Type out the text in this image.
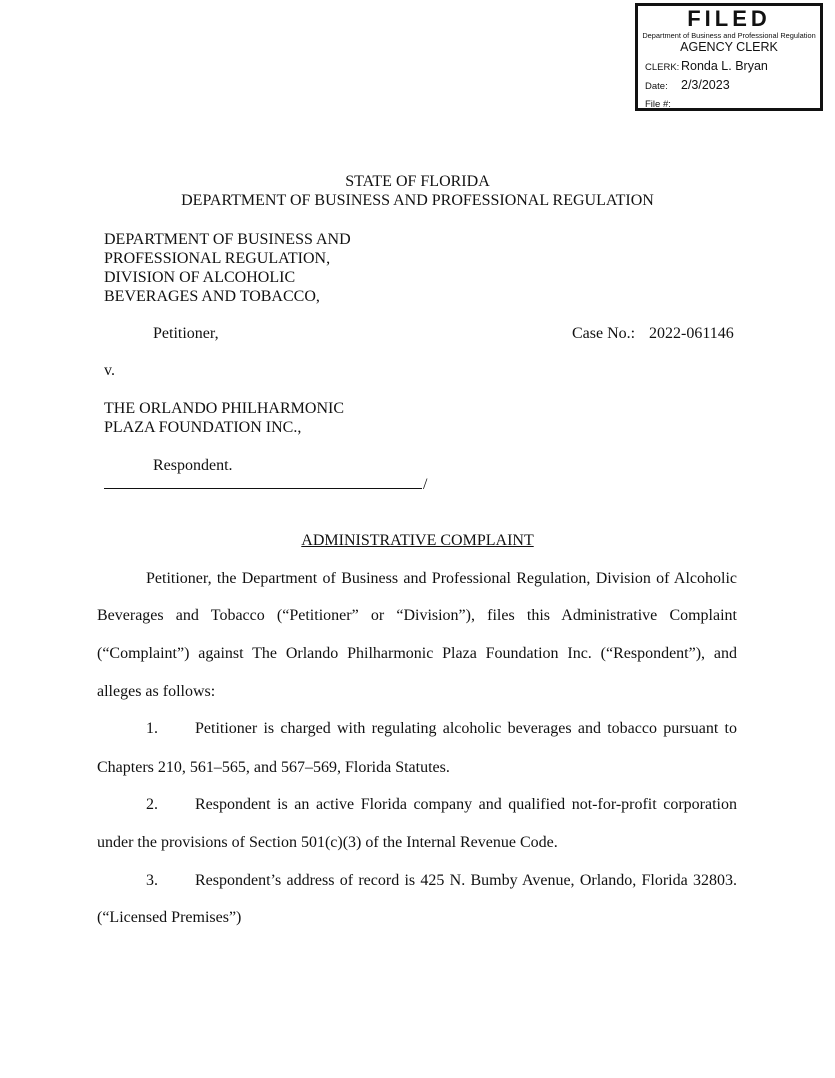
FILED
Department of Business and Professional Regulation
AGENCY CLERK
CLERK: Ronda L. Bryan
Date: 2/3/2023
File #:
STATE OF FLORIDA
DEPARTMENT OF BUSINESS AND PROFESSIONAL REGULATION
DEPARTMENT OF BUSINESS AND
PROFESSIONAL REGULATION,
DIVISION OF ALCOHOLIC
BEVERAGES AND TOBACCO,
Petitioner,	Case No.: 2022-061146
v.
THE ORLANDO PHILHARMONIC
PLAZA FOUNDATION INC.,
Respondent.
/
ADMINISTRATIVE COMPLAINT
Petitioner, the Department of Business and Professional Regulation, Division of Alcoholic
Beverages and Tobacco (“Petitioner” or “Division”), files this Administrative Complaint
(“Complaint”) against The Orlando Philharmonic Plaza Foundation Inc. (“Respondent”), and
alleges as follows:
1. Petitioner is charged with regulating alcoholic beverages and tobacco pursuant to
Chapters 210, 561–565, and 567–569, Florida Statutes.
2. Respondent is an active Florida company and qualified not-for-profit corporation
under the provisions of Section 501(c)(3) of the Internal Revenue Code.
3. Respondent’s address of record is 425 N. Bumby Avenue, Orlando, Florida 32803.
(“Licensed Premises”)
